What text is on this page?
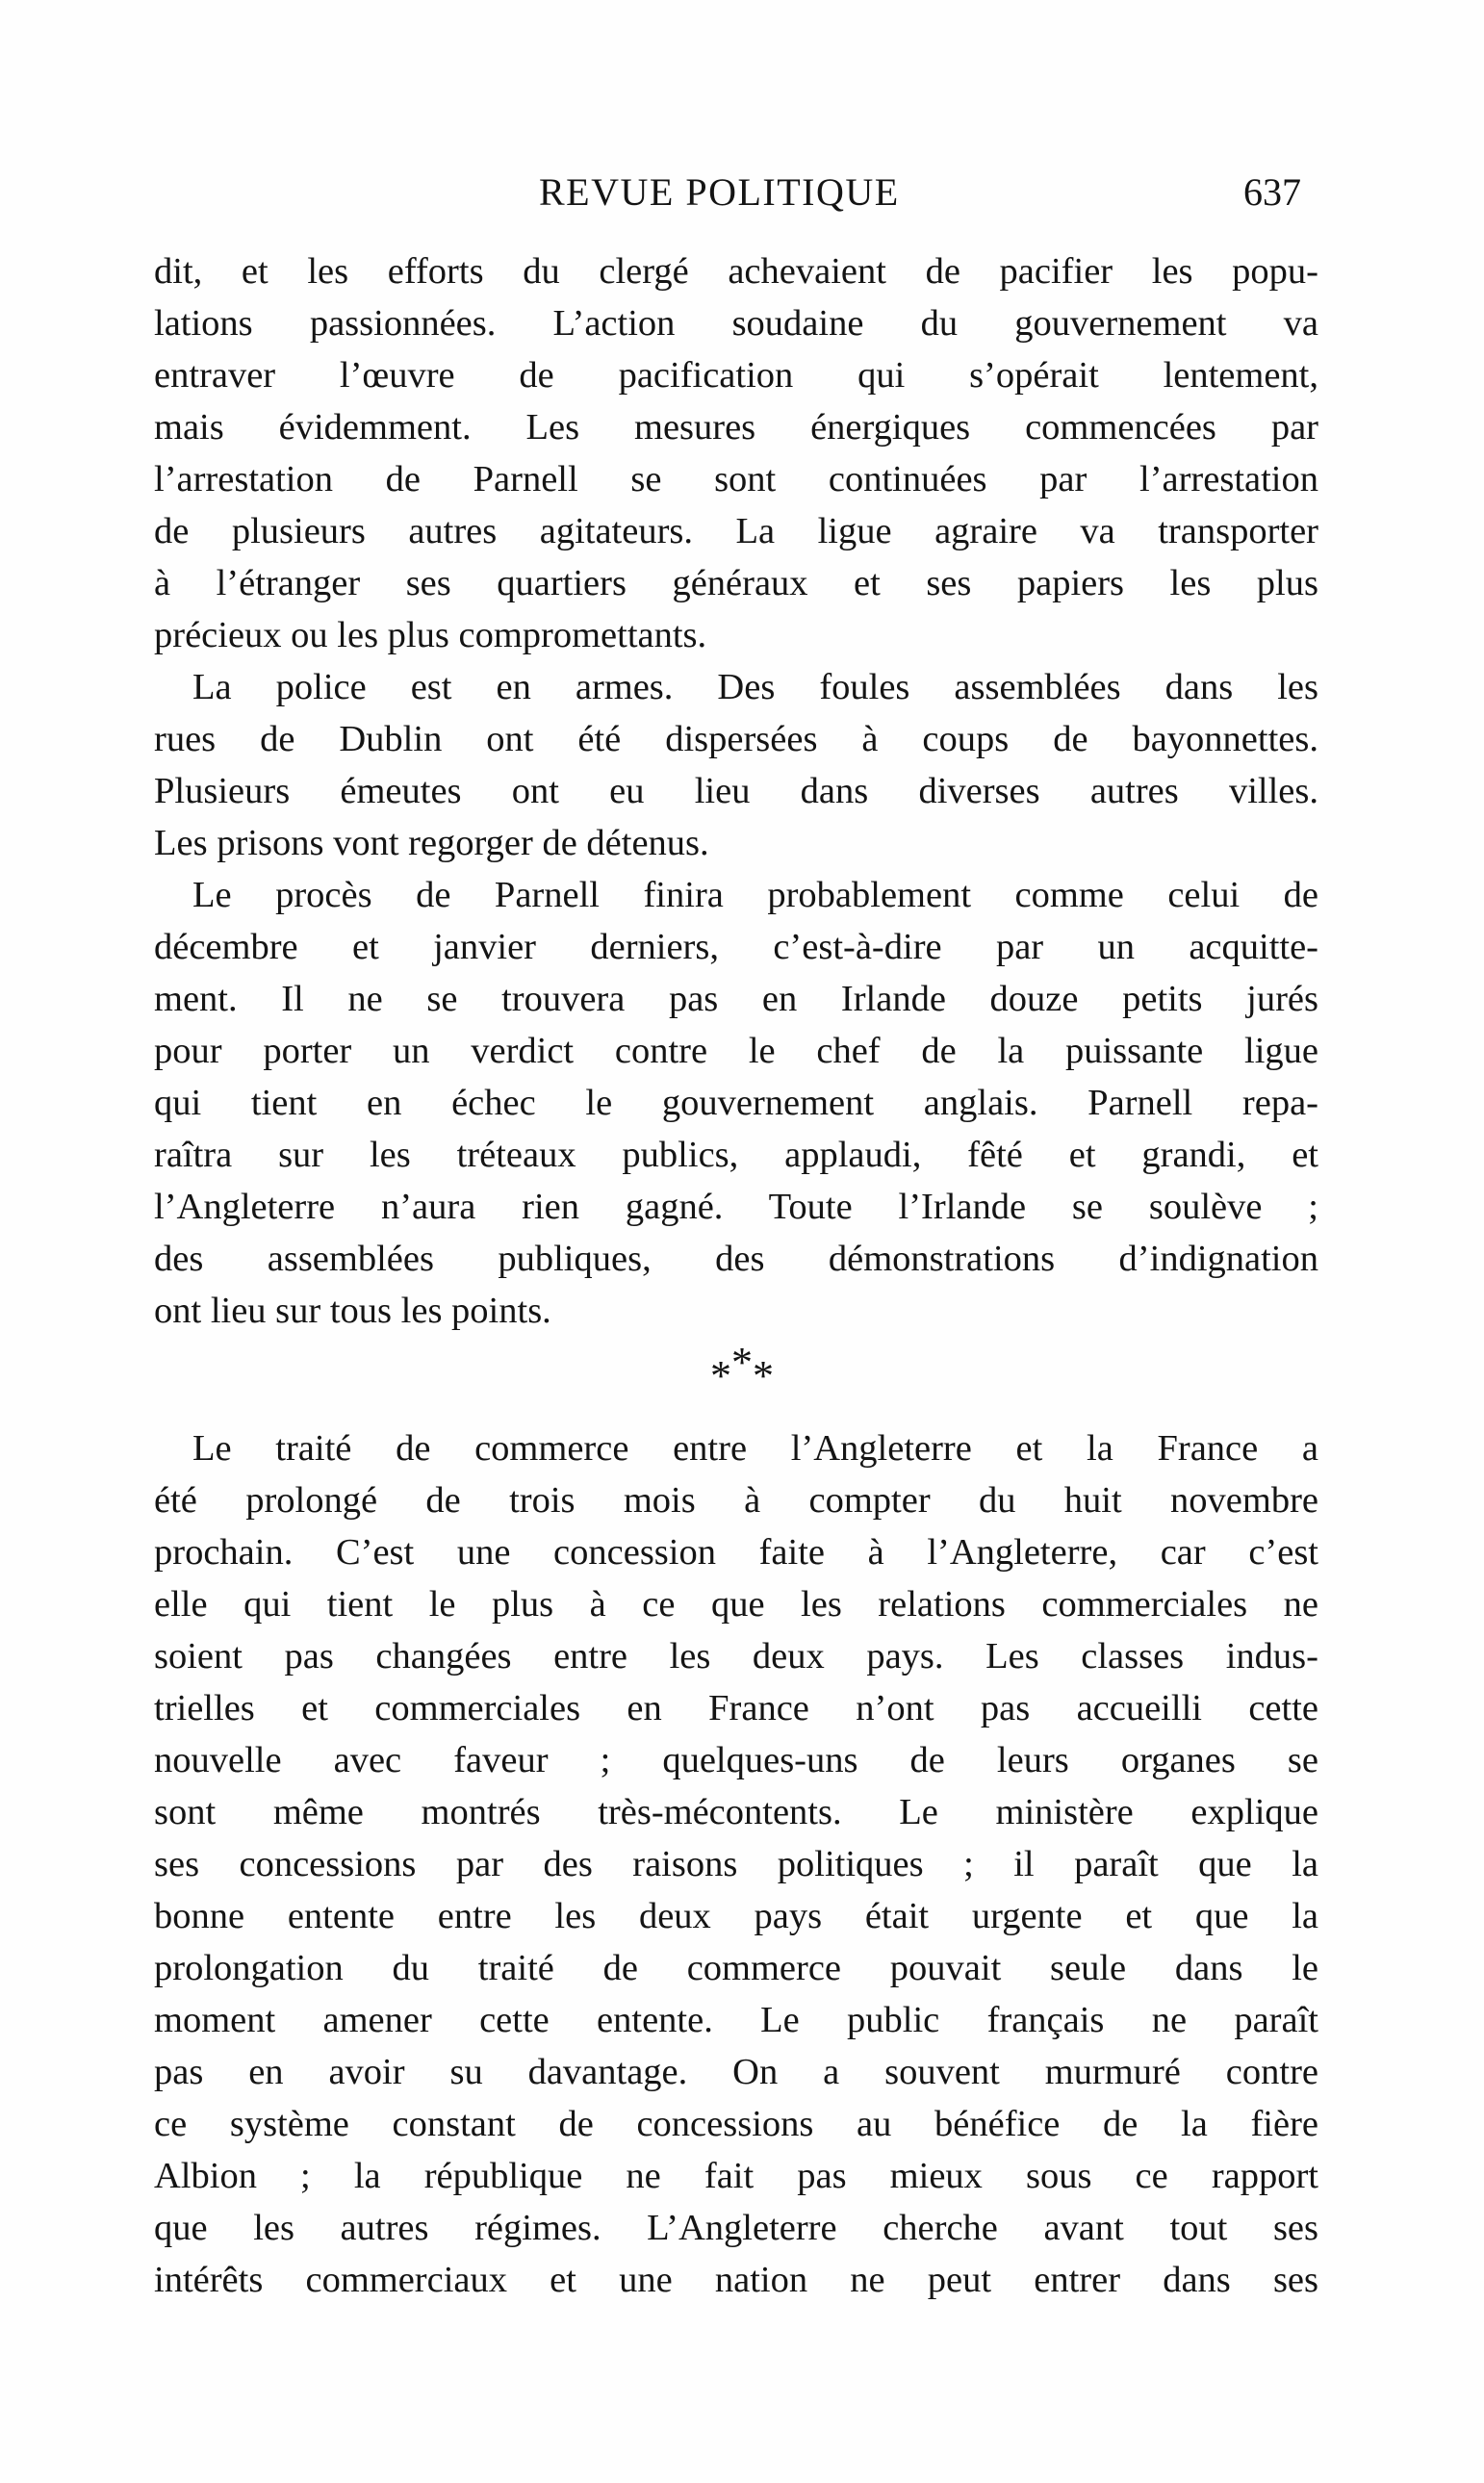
REVUE POLITIQUE	637
dit, et les efforts du clergé achevaient de pacifier les popu-
lations passionnées. L’action soudaine du gouvernement va
entraver l’œuvre de pacification qui s’opérait lentement,
mais évidemment. Les mesures énergiques commencées par
l’arrestation de Parnell se sont continuées par l’arrestation
de plusieurs autres agitateurs. La ligue agraire va transporter
à l’étranger ses quartiers généraux et ses papiers les plus
précieux ou les plus compromettants.
La police est en armes. Des foules assemblées dans les
rues de Dublin ont été dispersées à coups de bayonnettes.
Plusieurs émeutes ont eu lieu dans diverses autres villes.
Les prisons vont regorger de détenus.
Le procès de Parnell finira probablement comme celui de
décembre et janvier derniers, c’est-à-dire par un acquitte-
ment. Il ne se trouvera pas en Irlande douze petits jurés
pour porter un verdict contre le chef de la puissante ligue
qui tient en échec le gouvernement anglais. Parnell repa-
raîtra sur les tréteaux publics, applaudi, fêté et grandi, et
l’Angleterre n’aura rien gagné. Toute l’Irlande se soulève ;
des assemblées publiques, des démonstrations d’indignation
ont lieu sur tous les points.
***
Le traité de commerce entre l’Angleterre et la France a
été prolongé de trois mois à compter du huit novembre
prochain. C’est une concession faite à l’Angleterre, car c’est
elle qui tient le plus à ce que les relations commerciales ne
soient pas changées entre les deux pays. Les classes indus-
trielles et commerciales en France n’ont pas accueilli cette
nouvelle avec faveur ; quelques-uns de leurs organes se
sont même montrés très-mécontents. Le ministère explique
ses concessions par des raisons politiques ; il paraît que la
bonne entente entre les deux pays était urgente et que la
prolongation du traité de commerce pouvait seule dans le
moment amener cette entente. Le public français ne paraît
pas en avoir su davantage. On a souvent murmuré contre
ce système constant de concessions au bénéfice de la fière
Albion ; la république ne fait pas mieux sous ce rapport
que les autres régimes. L’Angleterre cherche avant tout ses
intérêts commerciaux et une nation ne peut entrer dans ses
